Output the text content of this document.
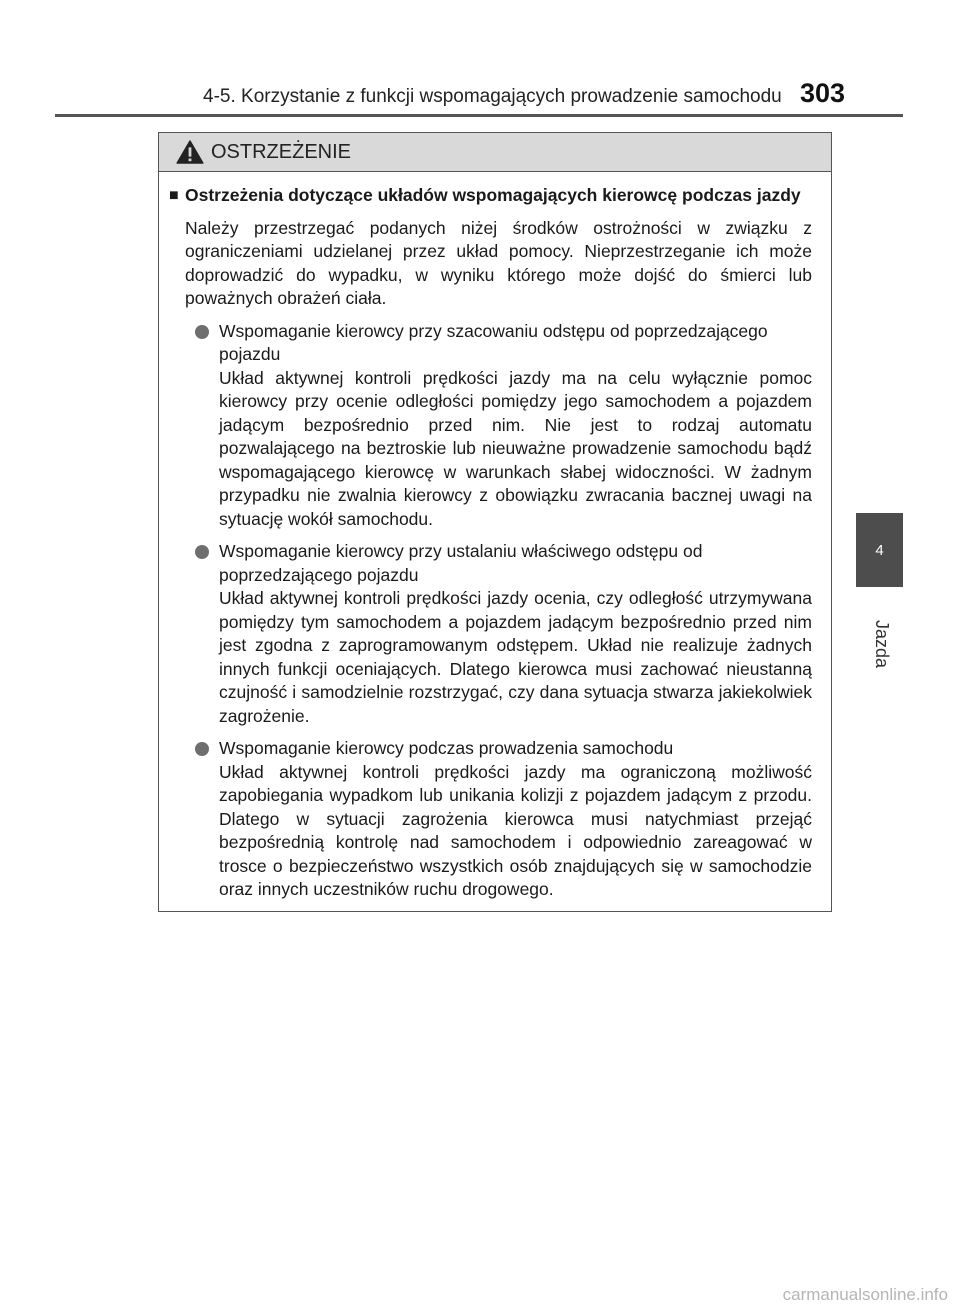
4-5. Korzystanie z funkcji wspomagających prowadzenie samochodu 303
4
Jazda
OSTRZEŻENIE
■ Ostrzeżenia dotyczące układów wspomagających kierowcę podczas jazdy

Należy przestrzegać podanych niżej środków ostrożności w związku z ograniczeniami udzielanej przez układ pomocy. Nieprzestrzeganie ich może doprowadzić do wypadku, w wyniku którego może dojść do śmierci lub poważnych obrażeń ciała.

Wspomaganie kierowcy przy szacowaniu odstępu od poprzedzającego pojazdu

Układ aktywnej kontroli prędkości jazdy ma na celu wyłącznie pomoc kierowcy przy ocenie odległości pomiędzy jego samochodem a pojazdem jadącym bezpośrednio przed nim. Nie jest to rodzaj automatu pozwalającego na beztroskie lub nieuważne prowadzenie samochodu bądź wspomagającego kierowcę w warunkach słabej widoczności. W żadnym przypadku nie zwalnia kierowcy z obowiązku zwracania bacznej uwagi na sytuację wokół samochodu.

Wspomaganie kierowcy przy ustalaniu właściwego odstępu od poprzedzającego pojazdu

Układ aktywnej kontroli prędkości jazdy ocenia, czy odległość utrzymywana pomiędzy tym samochodem a pojazdem jadącym bezpośrednio przed nim jest zgodna z zaprogramowanym odstępem. Układ nie realizuje żadnych innych funkcji oceniających. Dlatego kierowca musi zachować nieustanną czujność i samodzielnie rozstrzygać, czy dana sytuacja stwarza jakiekolwiek zagrożenie.

Wspomaganie kierowcy podczas prowadzenia samochodu

Układ aktywnej kontroli prędkości jazdy ma ograniczoną możliwość zapobiegania wypadkom lub unikania kolizji z pojazdem jadącym z przodu. Dlatego w sytuacji zagrożenia kierowca musi natychmiast przejąć bezpośrednią kontrolę nad samochodem i odpowiednio zareagować w trosce o bezpieczeństwo wszystkich osób znajdujących się w samochodzie oraz innych uczestników ruchu drogowego.

carmanualsonline.info
